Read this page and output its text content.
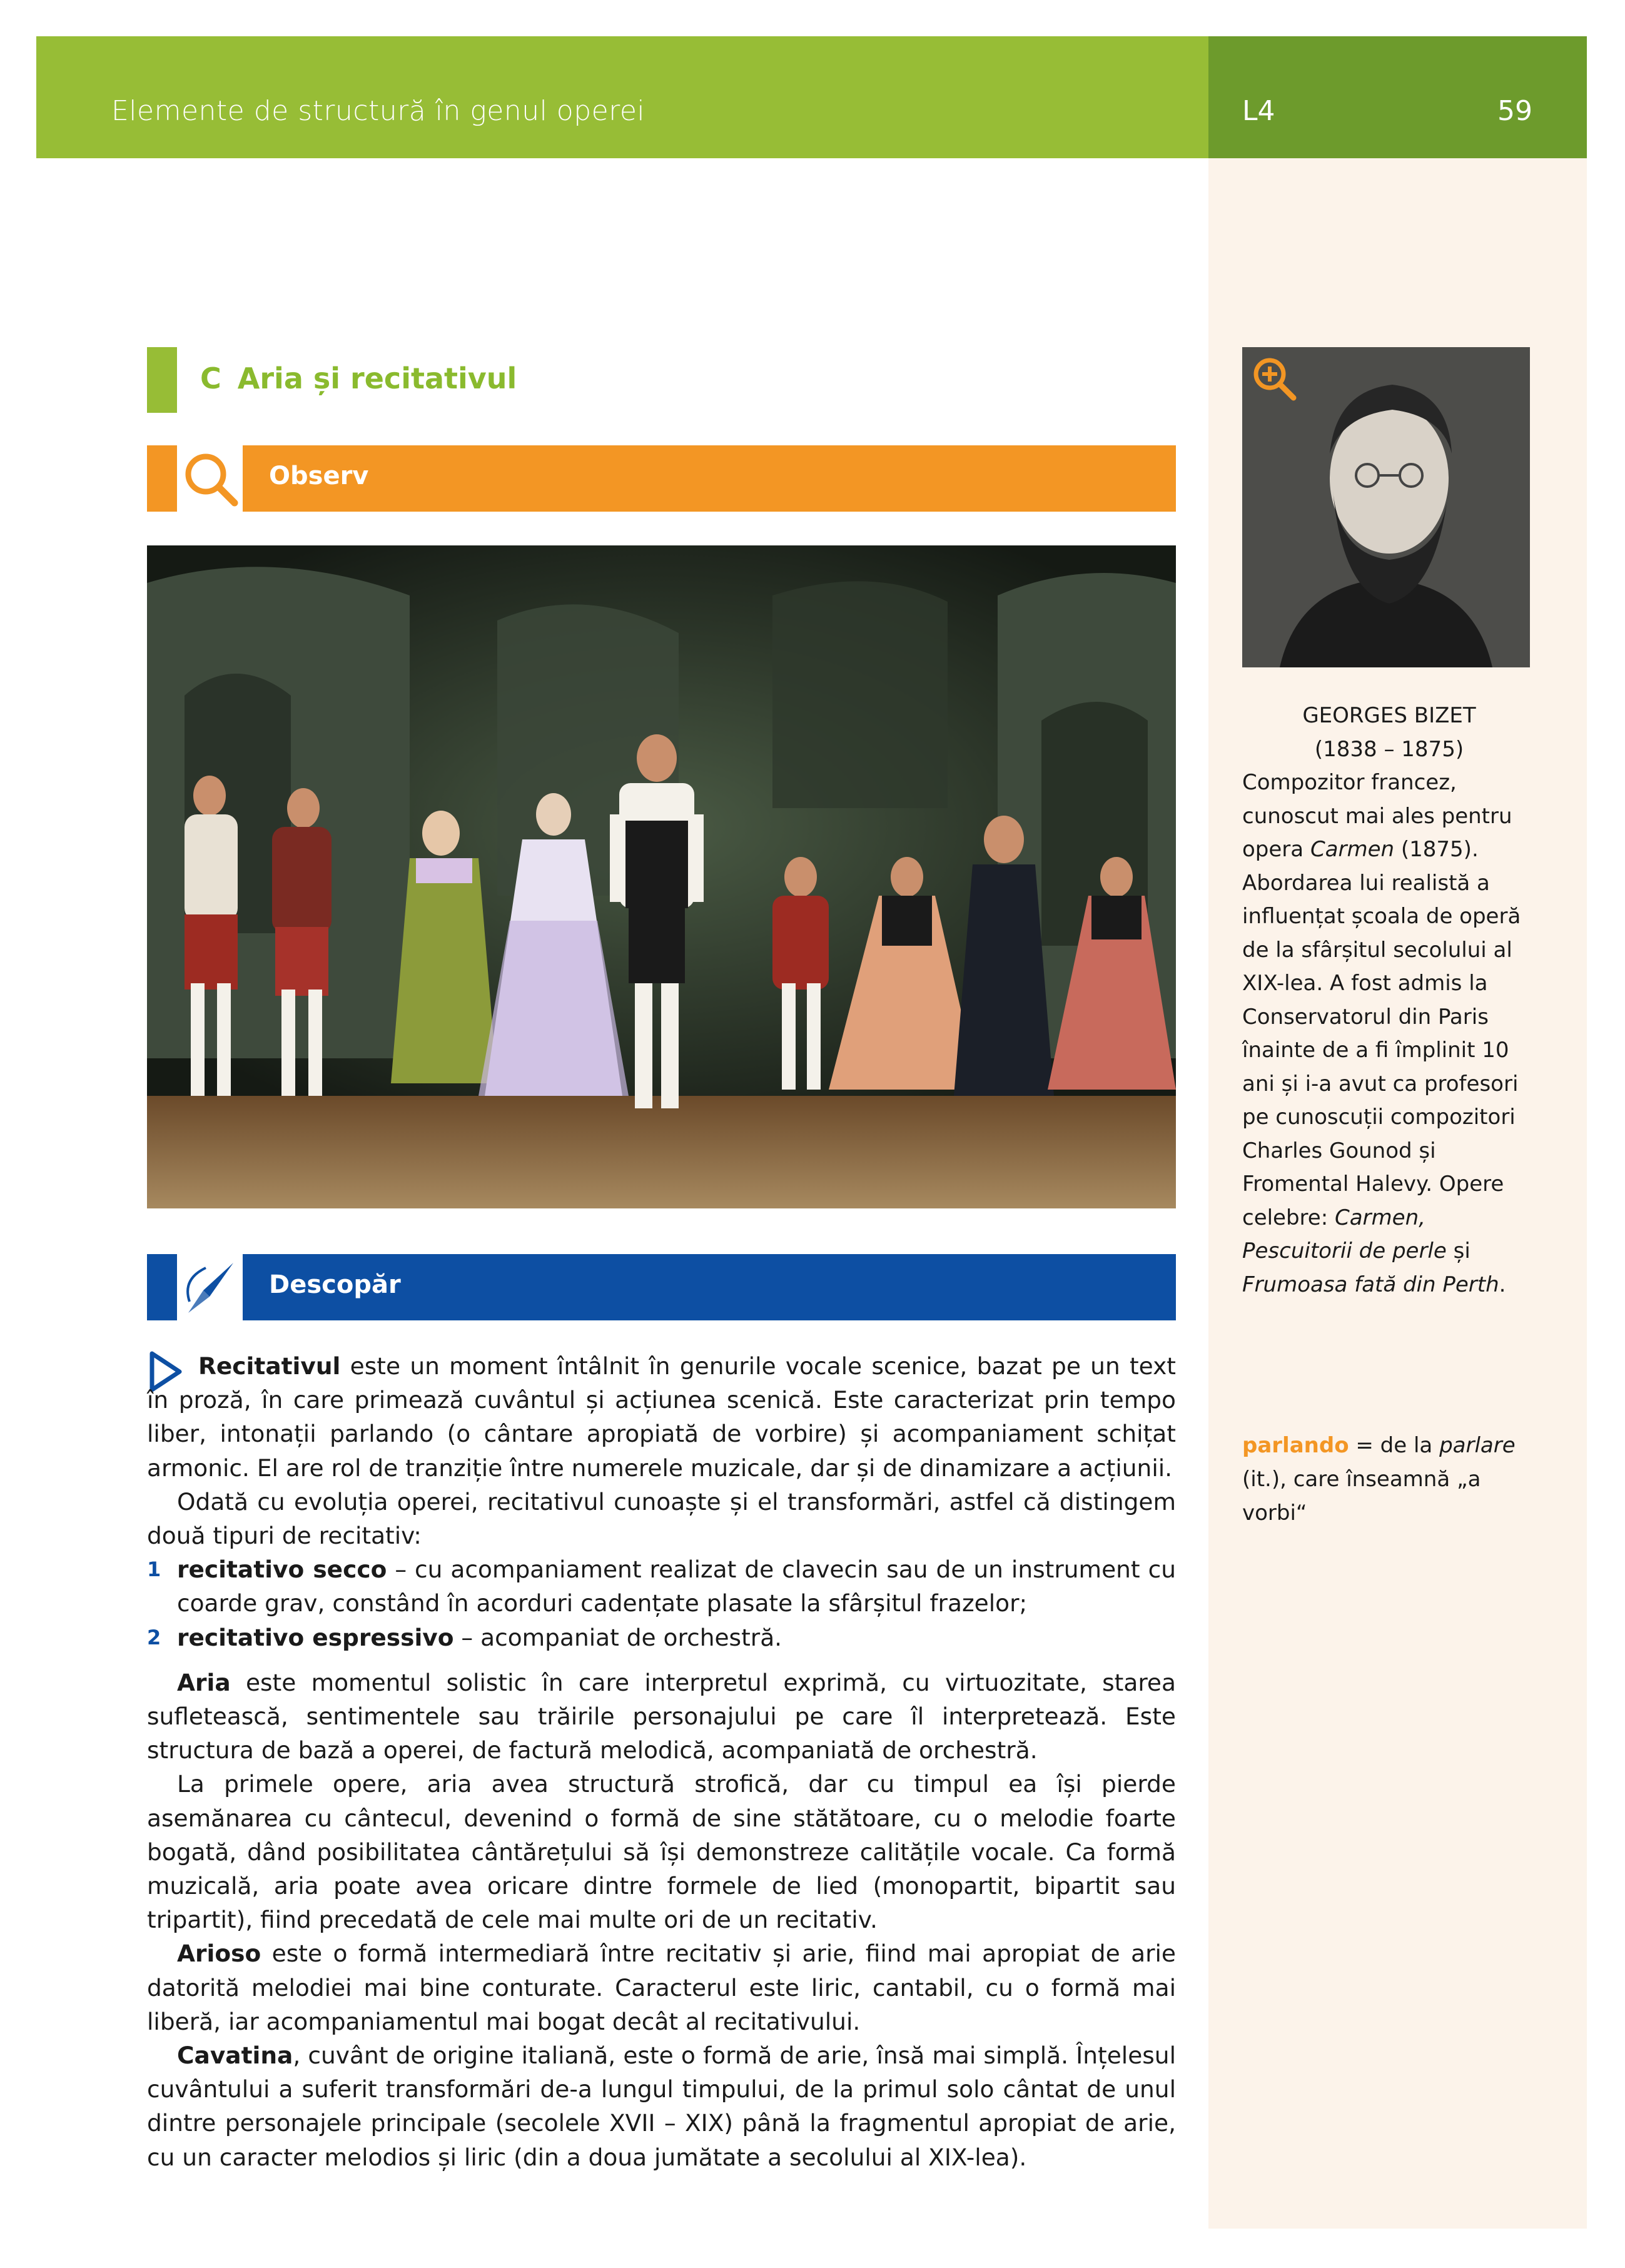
Elemente de structură în genul operei	L4	59
C Aria și recitativul
Observ
Descopăr
GEORGES BIZET
(1838 – 1875)
Compozitor francez, cunoscut mai ales pentru opera Carmen (1875). Abordarea lui realistă a influențat școala de operă de la sfârșitul secolului al XIX-lea. A fost admis la Conservatorul din Paris înainte de a fi împlinit 10 ani și i-a avut ca profesori pe cunoscuții compozitori Charles Gounod și Fromental Halevy. Opere celebre: Carmen, Pescuitorii de perle și Frumoasa fată din Perth.
parlando = de la parlare (it.), care înseamnă „a vorbi“

Recitativul este un moment întâlnit în genurile vocale scenice, bazat pe un text în proză, în care primează cuvântul și acțiunea scenică. Este caracterizat prin tempo liber, intonații parlando (o cântare apropiată de vorbire) și acompaniament schițat armonic. El are rol de tranziție între numerele muzicale, dar și de dinamizare a acțiunii.

Odată cu evoluția operei, recitativul cunoaște și el transformări, astfel că distingem două tipuri de recitativ:

1 recitativo secco – cu acompaniament realizat de clavecin sau de un instrument cu coarde grav, constând în acorduri cadențate plasate la sfârșitul frazelor;
2 recitativo espressivo – acompaniat de orchestră.

Aria este momentul solistic în care interpretul exprimă, cu virtuozitate, starea sufletească, sentimentele sau trăirile personajului pe care îl interpretează. Este structura de bază a operei, de factură melodică, acompaniată de orchestră.

La primele opere, aria avea structură strofică, dar cu timpul ea își pierde asemănarea cu cântecul, devenind o formă de sine stătătoare, cu o melodie foarte bogată, dând posibilitatea cântărețului să își demonstreze calitățile vocale. Ca formă muzicală, aria poate avea oricare dintre formele de lied (monopartit, bipartit sau tripartit), fiind precedată de cele mai multe ori de un recitativ.

Arioso este o formă intermediară între recitativ și arie, fiind mai apropiat de arie datorită melodiei mai bine conturate. Caracterul este liric, cantabil, cu o formă mai liberă, iar acompaniamentul mai bogat decât al recitativului.

Cavatina, cuvânt de origine italiană, este o formă de arie, însă mai simplă. Înțelesul cuvântului a suferit transformări de-a lungul timpului, de la primul solo cântat de unul dintre personajele principale (secolele XVII – XIX) până la fragmentul apropiat de arie, cu un caracter melodios și liric (din a doua jumătate a secolului al XIX-lea).
